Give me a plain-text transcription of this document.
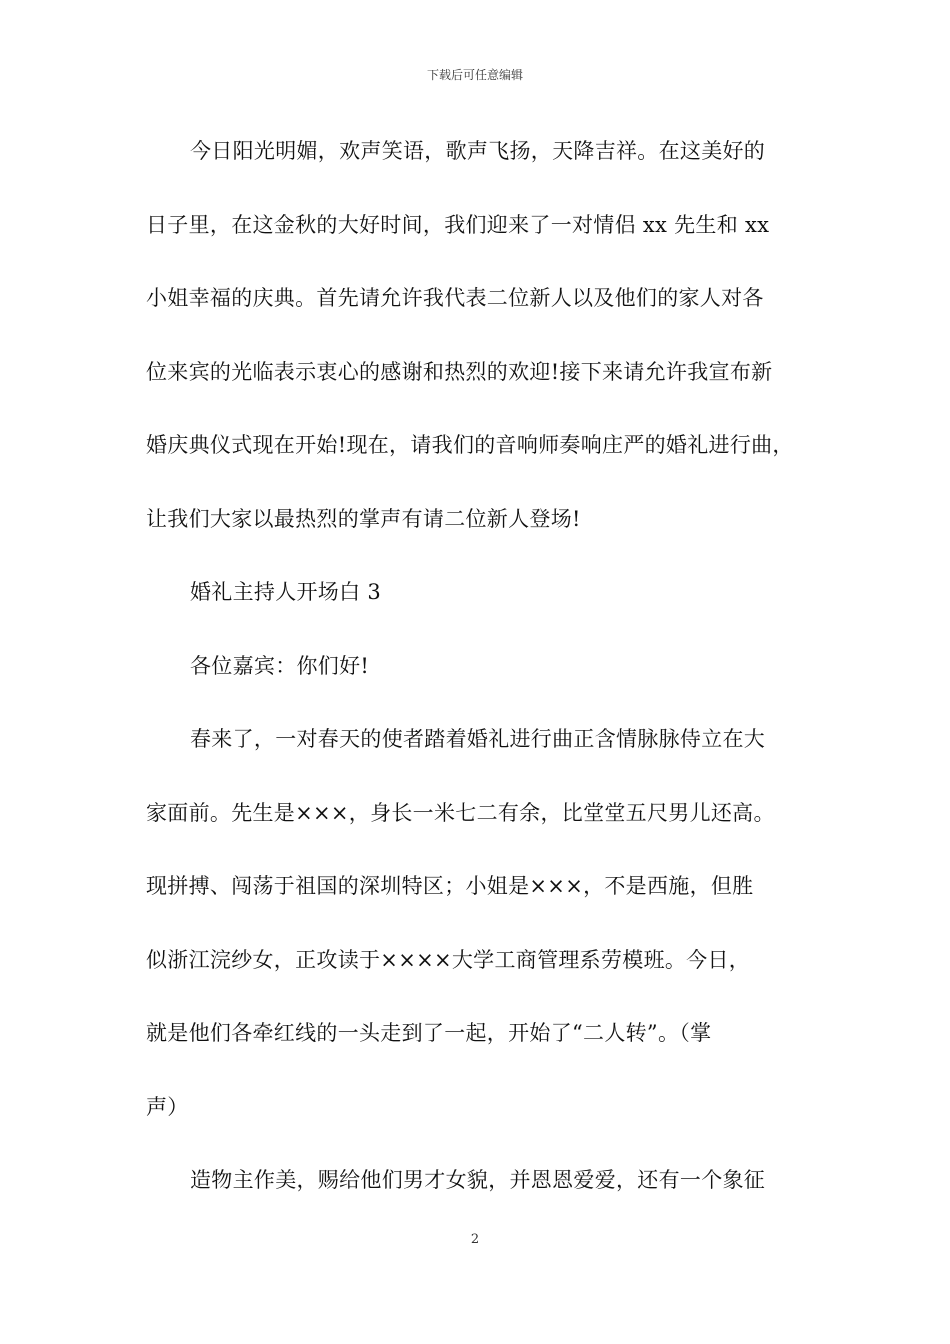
下载后可任意编辑
今日阳光明媚，欢声笑语，歌声飞扬，天降吉祥。在这美好的
日子里，在这金秋的大好时间，我们迎来了一对情侣 xx 先生和 xx
小姐幸福的庆典。首先请允许我代表二位新人以及他们的家人对各
位来宾的光临表示衷心的感谢和热烈的欢迎!接下来请允许我宣布新
婚庆典仪式现在开始!现在，请我们的音响师奏响庄严的婚礼进行曲，
让我们大家以最热烈的掌声有请二位新人登场!
婚礼主持人开场白 3
各位嘉宾：你们好!
春来了，一对春天的使者踏着婚礼进行曲正含情脉脉侍立在大
家面前。先生是×××，身长一米七二有余，比堂堂五尺男儿还高。
现拼搏、闯荡于祖国的深圳特区；小姐是×××，不是西施，但胜
似浙江浣纱女，正攻读于××××大学工商管理系劳模班。今日，
就是他们各牵红线的一头走到了一起，开始了“二人转”。（掌
声）
造物主作美，赐给他们男才女貌，并恩恩爱爱，还有一个象征
2
